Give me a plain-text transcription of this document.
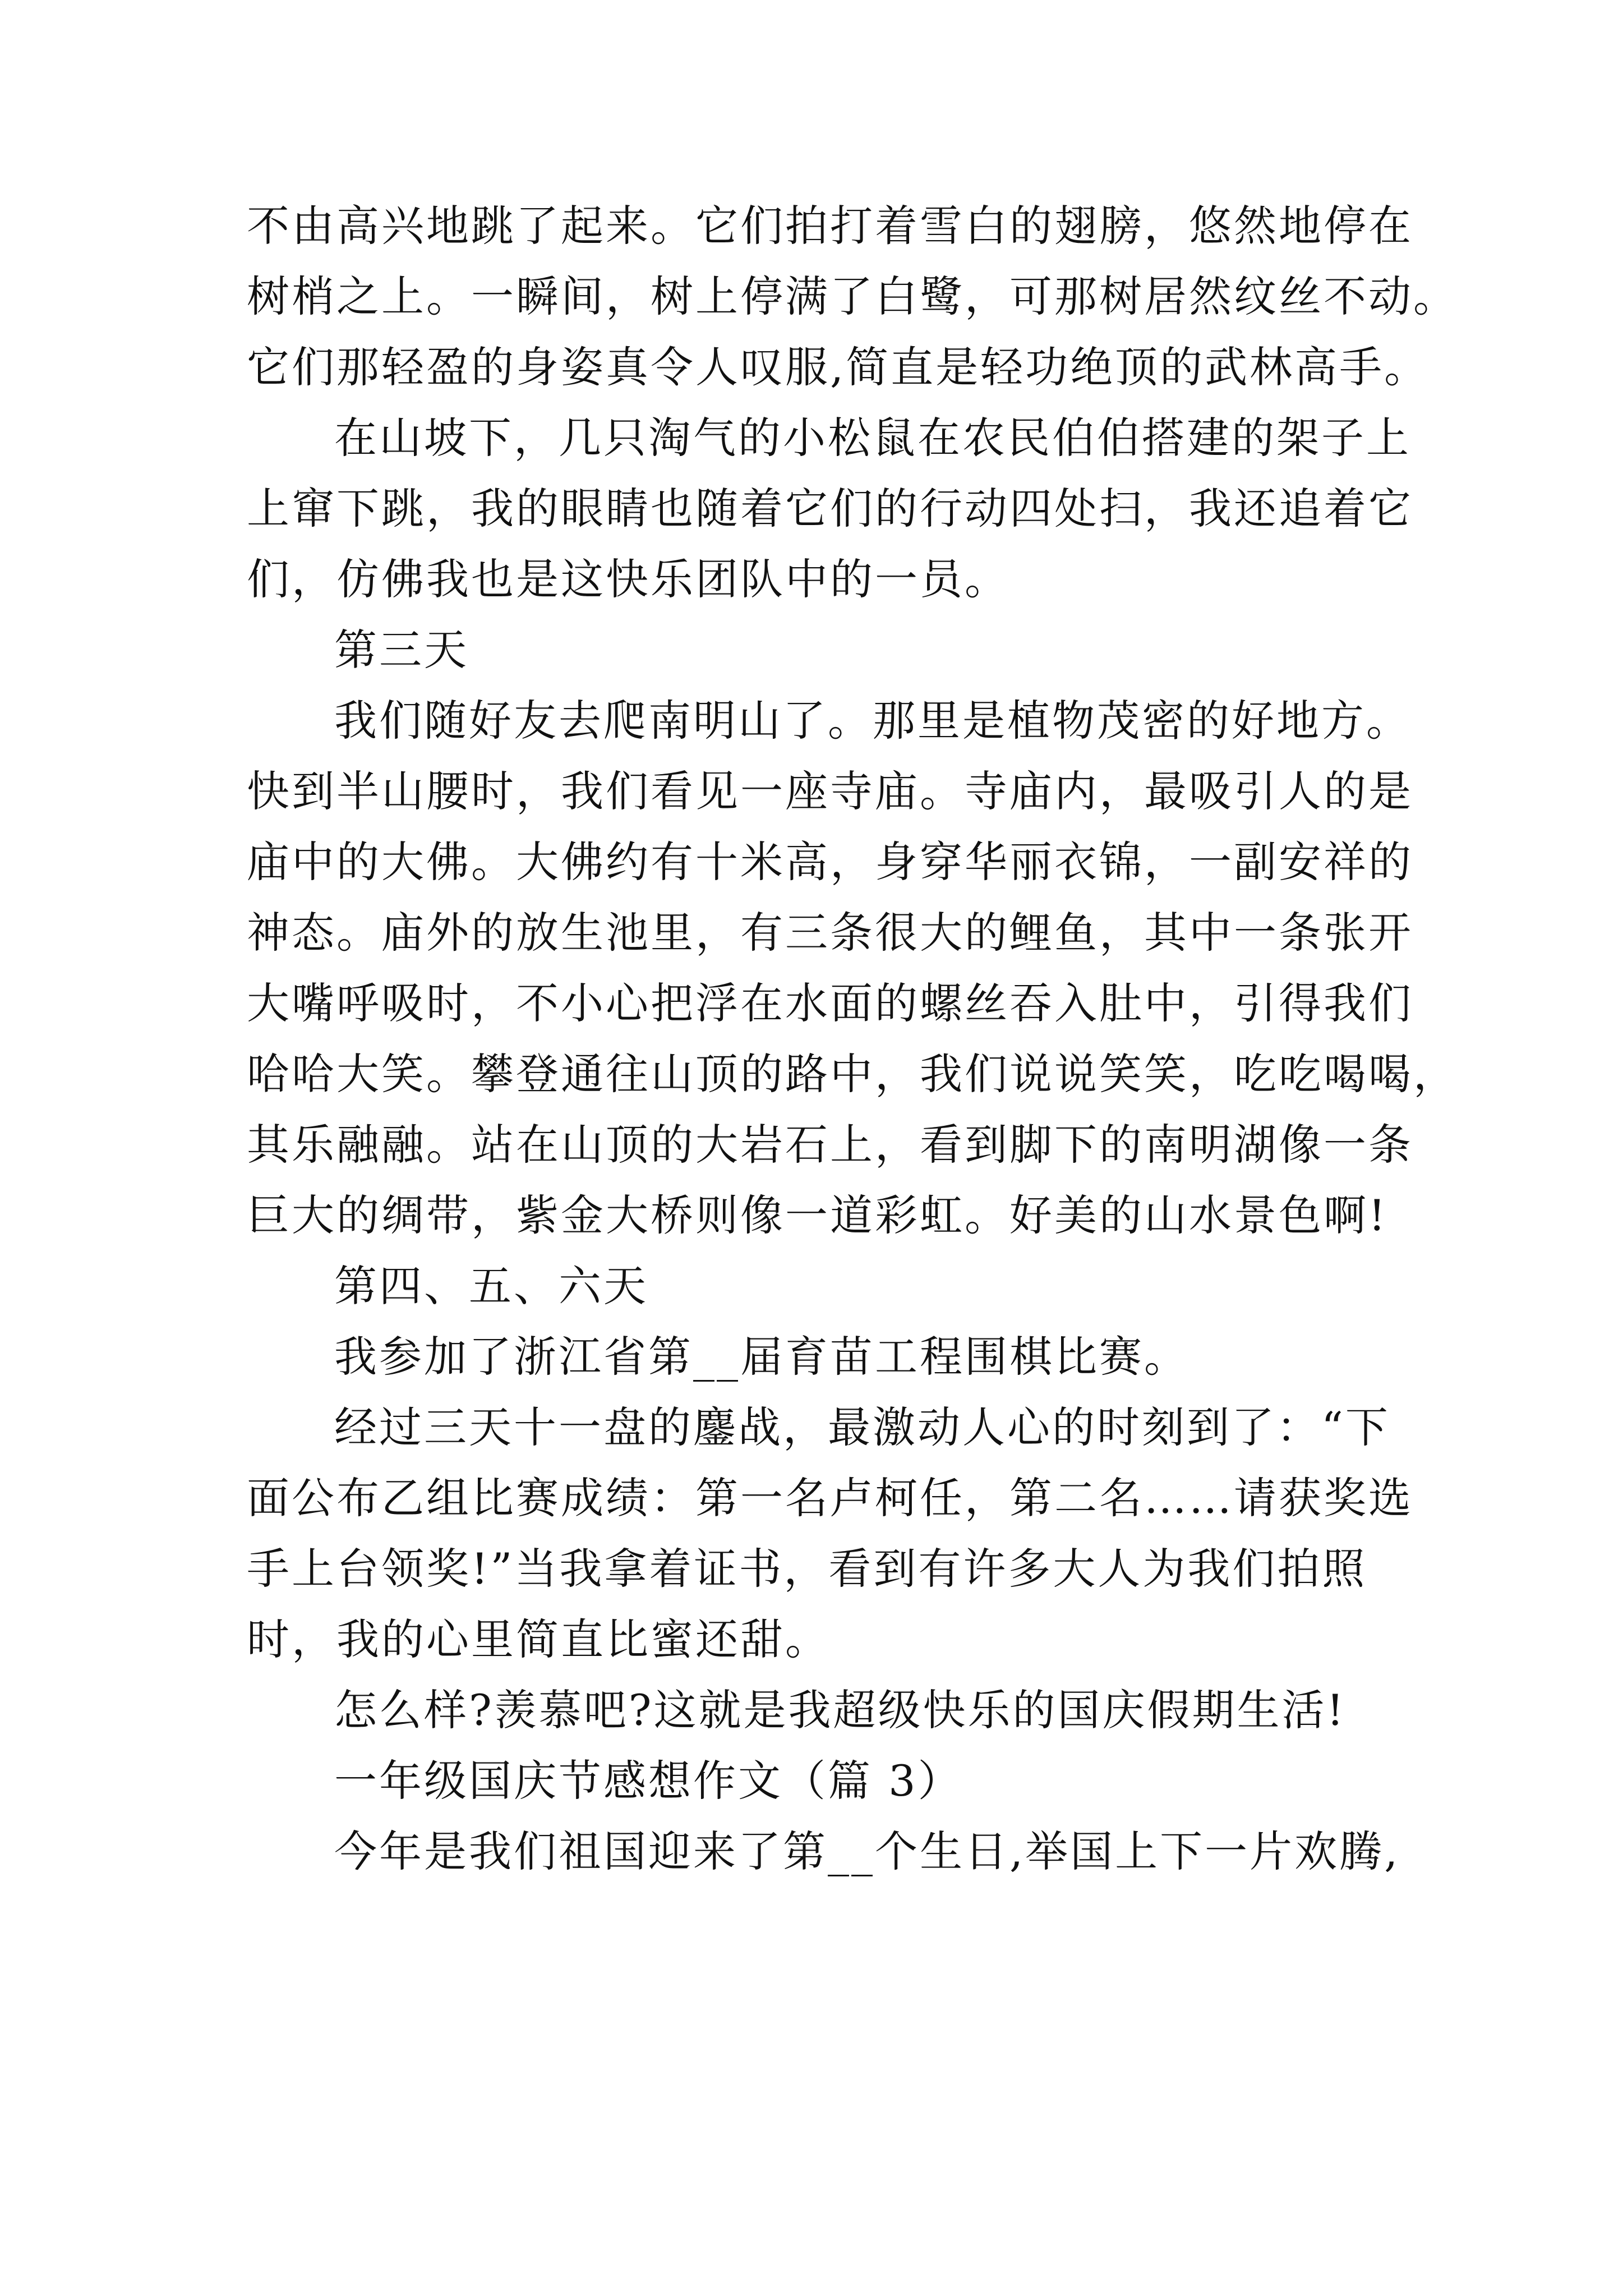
不由高兴地跳了起来。它们拍打着雪白的翅膀，悠然地停在
树梢之上。一瞬间，树上停满了白鹭，可那树居然纹丝不动。
它们那轻盈的身姿真令人叹服,简直是轻功绝顶的武林高手。
在山坡下，几只淘气的小松鼠在农民伯伯搭建的架子上
上窜下跳，我的眼睛也随着它们的行动四处扫，我还追着它
们，仿佛我也是这快乐团队中的一员。
第三天
我们随好友去爬南明山了。那里是植物茂密的好地方。
快到半山腰时，我们看见一座寺庙。寺庙内，最吸引人的是
庙中的大佛。大佛约有十米高，身穿华丽衣锦，一副安祥的
神态。庙外的放生池里，有三条很大的鲤鱼，其中一条张开
大嘴呼吸时，不小心把浮在水面的螺丝吞入肚中，引得我们
哈哈大笑。攀登通往山顶的路中，我们说说笑笑，吃吃喝喝，
其乐融融。站在山顶的大岩石上，看到脚下的南明湖像一条
巨大的绸带，紫金大桥则像一道彩虹。好美的山水景色啊!
第四、五、六天
我参加了浙江省第__届育苗工程围棋比赛。
经过三天十一盘的鏖战，最激动人心的时刻到了：“下
面公布乙组比赛成绩：第一名卢柯任，第二名……请获奖选
手上台领奖!”当我拿着证书，看到有许多大人为我们拍照
时，我的心里简直比蜜还甜。
怎么样?羡慕吧?这就是我超级快乐的国庆假期生活!
一年级国庆节感想作文（篇 3）
今年是我们祖国迎来了第__个生日,举国上下一片欢腾,
